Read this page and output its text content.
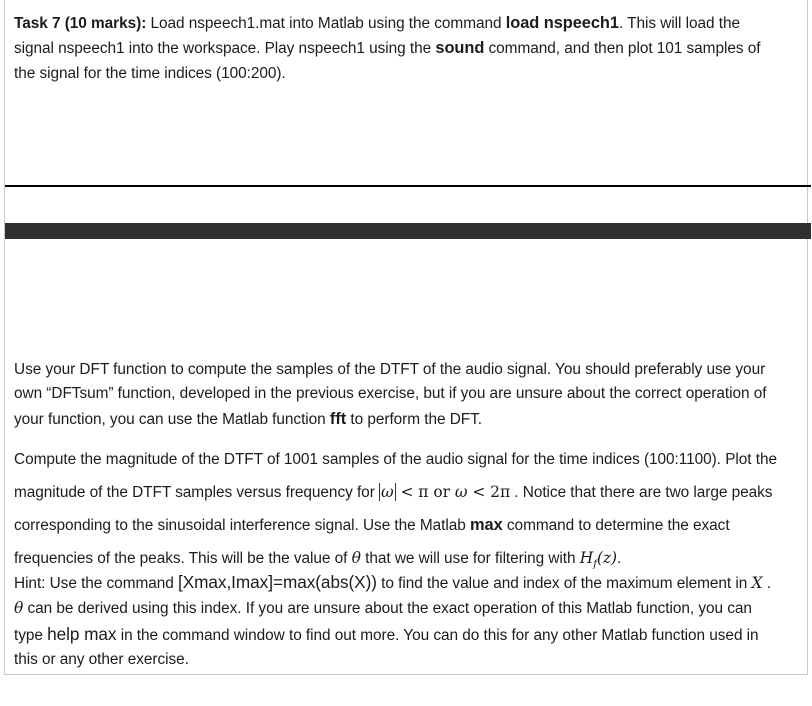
Task 7 (10 marks): Load nspeech1.mat into Matlab using the command load nspeech1. This will load the signal nspeech1 into the workspace. Play nspeech1 using the sound command, and then plot 101 samples of the signal for the time indices (100:200).
Use your DFT function to compute the samples of the DTFT of the audio signal. You should preferably use your own “DFTsum” function, developed in the previous exercise, but if you are unsure about the correct operation of your function, you can use the Matlab function fft to perform the DFT.
Compute the magnitude of the DTFT of 1001 samples of the audio signal for the time indices (100:1100). Plot the magnitude of the DTFT samples versus frequency for ω < π or ω < 2π . Notice that there are two large peaks corresponding to the sinusoidal interference signal. Use the Matlab max command to determine the exact frequencies of the peaks. This will be the value of θ that we will use for filtering with $H_f(z)$.
Hint: Use the command [Xmax,Imax]=max(abs(X)) to find the value and index of the maximum element in X . θ can be derived using this index. If you are unsure about the exact operation of this Matlab function, you can type help max in the command window to find out more. You can do this for any other Matlab function used in this or any other exercise.
